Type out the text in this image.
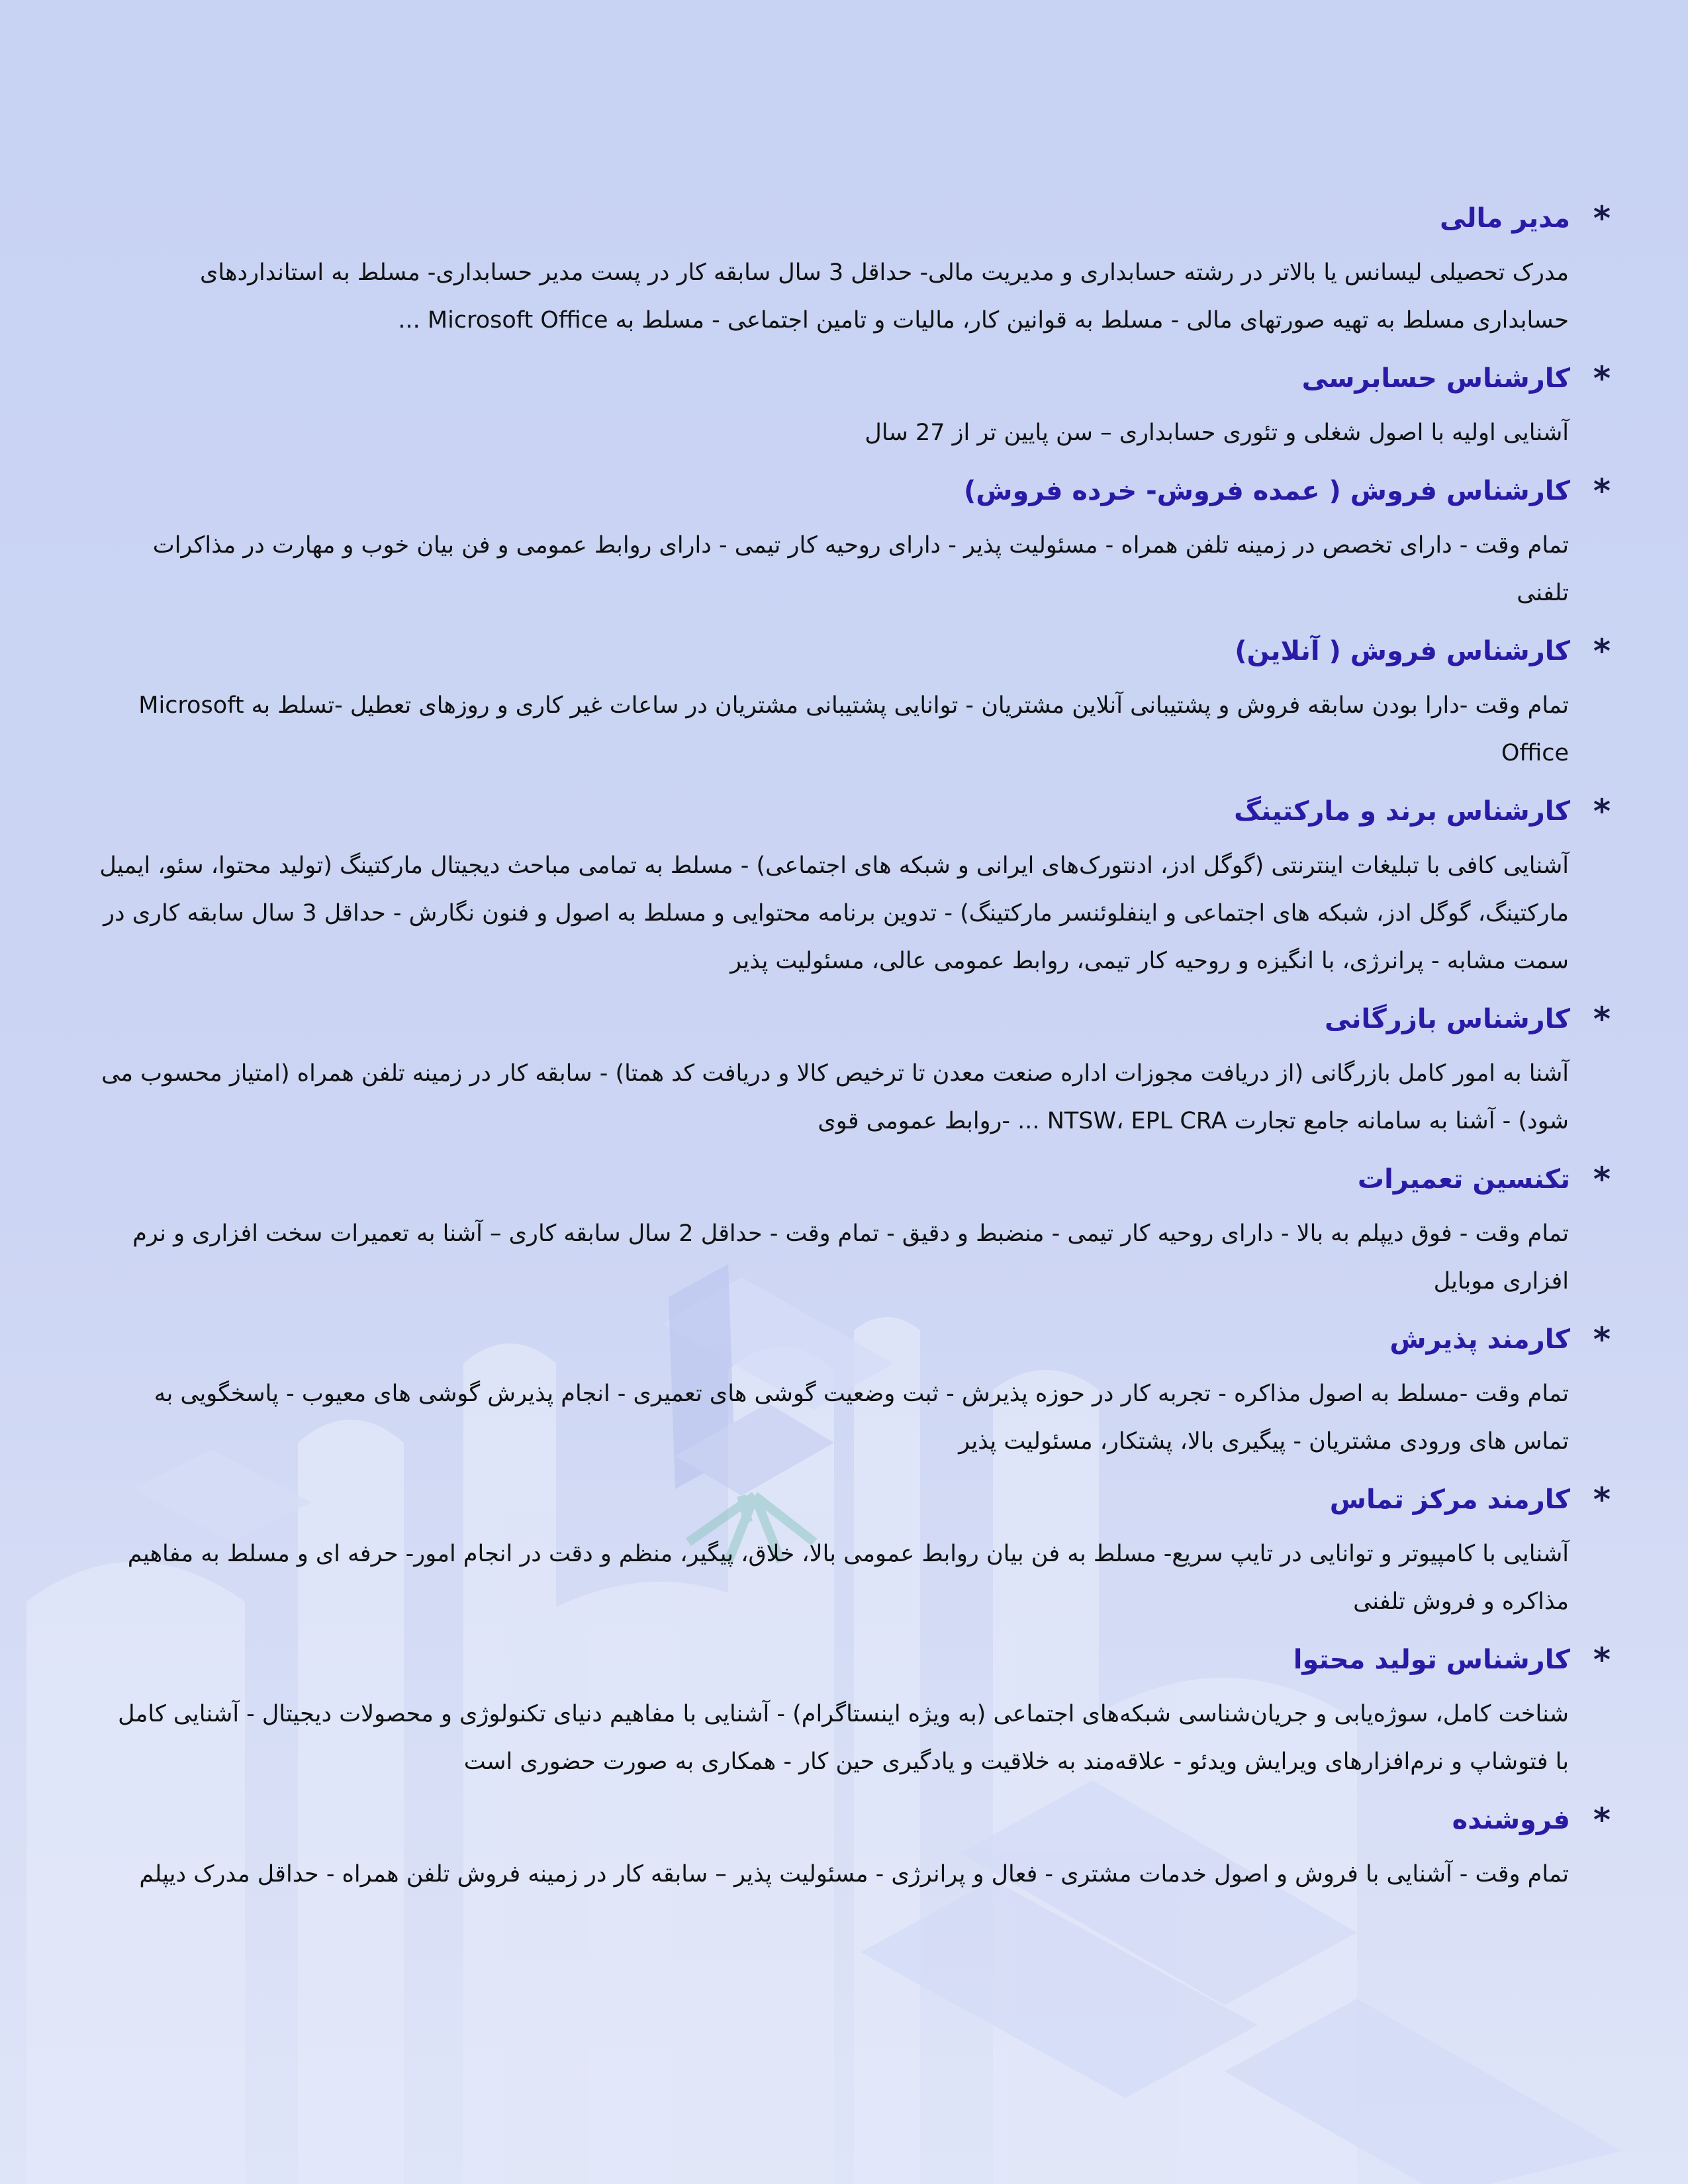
*
مدیر مالی

مدرک تحصیلی لیسانس یا بالاتر در رشته حسابداری و مدیریت مالی- حداقل 3 سال سابقه کار در پست مدیر حسابداری- مسلط به استانداردهای حسابداری مسلط به تهیه صورتهای مالی - مسلط به قوانین کار، مالیات و تامین اجتماعی - مسلط به Microsoft Office ...

*
کارشناس حسابرسی

آشنایی اولیه با اصول شغلی و تئوری حسابداری – سن پایین تر از 27 سال

*
کارشناس فروش ( عمده فروش- خرده فروش)

تمام وقت - دارای تخصص در زمینه تلفن همراه - مسئولیت پذیر - دارای روحیه کار تیمی - دارای روابط عمومی و فن بیان خوب و مهارت در مذاکرات تلفنی

*
کارشناس فروش ( آنلاین)

تمام وقت -دارا بودن سابقه فروش و پشتیبانی آنلاین مشتریان - توانایی پشتیبانی مشتریان در ساعات غیر کاری و روزهای تعطیل -تسلط به Microsoft Office

*
کارشناس برند و مارکتینگ

آشنایی کافی با تبلیغات اینترنتی (گوگل ادز، ادنتورک‌های ایرانی و شبکه های اجتماعی) - مسلط به تمامی مباحث دیجیتال مارکتینگ (تولید محتوا، سئو، ایمیل مارکتینگ، گوگل ادز، شبکه های اجتماعی و اینفلوئنسر مارکتینگ) - تدوین برنامه محتوایی و مسلط به اصول و فنون نگارش - حداقل 3 سال سابقه کاری در سمت مشابه - پرانرژی، با انگیزه و روحیه کار تیمی، روابط عمومی عالی، مسئولیت پذیر

*
کارشناس بازرگانی

آشنا به امور کامل بازرگانی (از دریافت مجوزات اداره صنعت معدن تا ترخیص کالا و دریافت کد همتا) - سابقه کار در زمینه تلفن همراه (امتیاز محسوب می شود) - آشنا به سامانه جامع تجارت NTSW، EPL CRA ... -روابط عمومی قوی

*
تکنسین تعمیرات

تمام وقت - فوق دیپلم به بالا - دارای روحیه کار تیمی - منضبط و دقیق - تمام وقت - حداقل 2 سال سابقه کاری – آشنا به تعمیرات سخت افزاری و نرم افزاری موبایل

*
کارمند پذیرش

تمام وقت -مسلط به اصول مذاکره - تجربه کار در حوزه پذیرش - ثبت وضعیت گوشی های تعمیری - انجام پذیرش گوشی های معیوب - پاسخگویی به تماس های ورودی مشتریان - پیگیری بالا، پشتکار، مسئولیت پذیر

*
کارمند مرکز تماس

آشنایی با کامپیوتر و توانایی در تایپ سریع- مسلط به فن بیان روابط عمومی بالا، خلاق، پیگیر، منظم و دقت در انجام امور- حرفه ای و مسلط به مفاهیم مذاکره و فروش تلفنی

*
کارشناس تولید محتوا

شناخت کامل، سوژه‌یابی و جریان‌شناسی شبکه‌های اجتماعی (به ویژه اینستاگرام) - آشنایی با مفاهیم دنیای تکنولوژی و محصولات دیجیتال - آشنایی کامل با فتوشاپ و نرم‌افزارهای ویرایش ویدئو - علاقه‌مند به خلاقیت و یادگیری حین کار - همکاری به صورت حضوری است

*
فروشنده

تمام وقت - آشنایی با فروش و اصول خدمات مشتری - فعال و پرانرژی - مسئولیت پذیر – سابقه کار در زمینه فروش تلفن همراه - حداقل مدرک دیپلم
